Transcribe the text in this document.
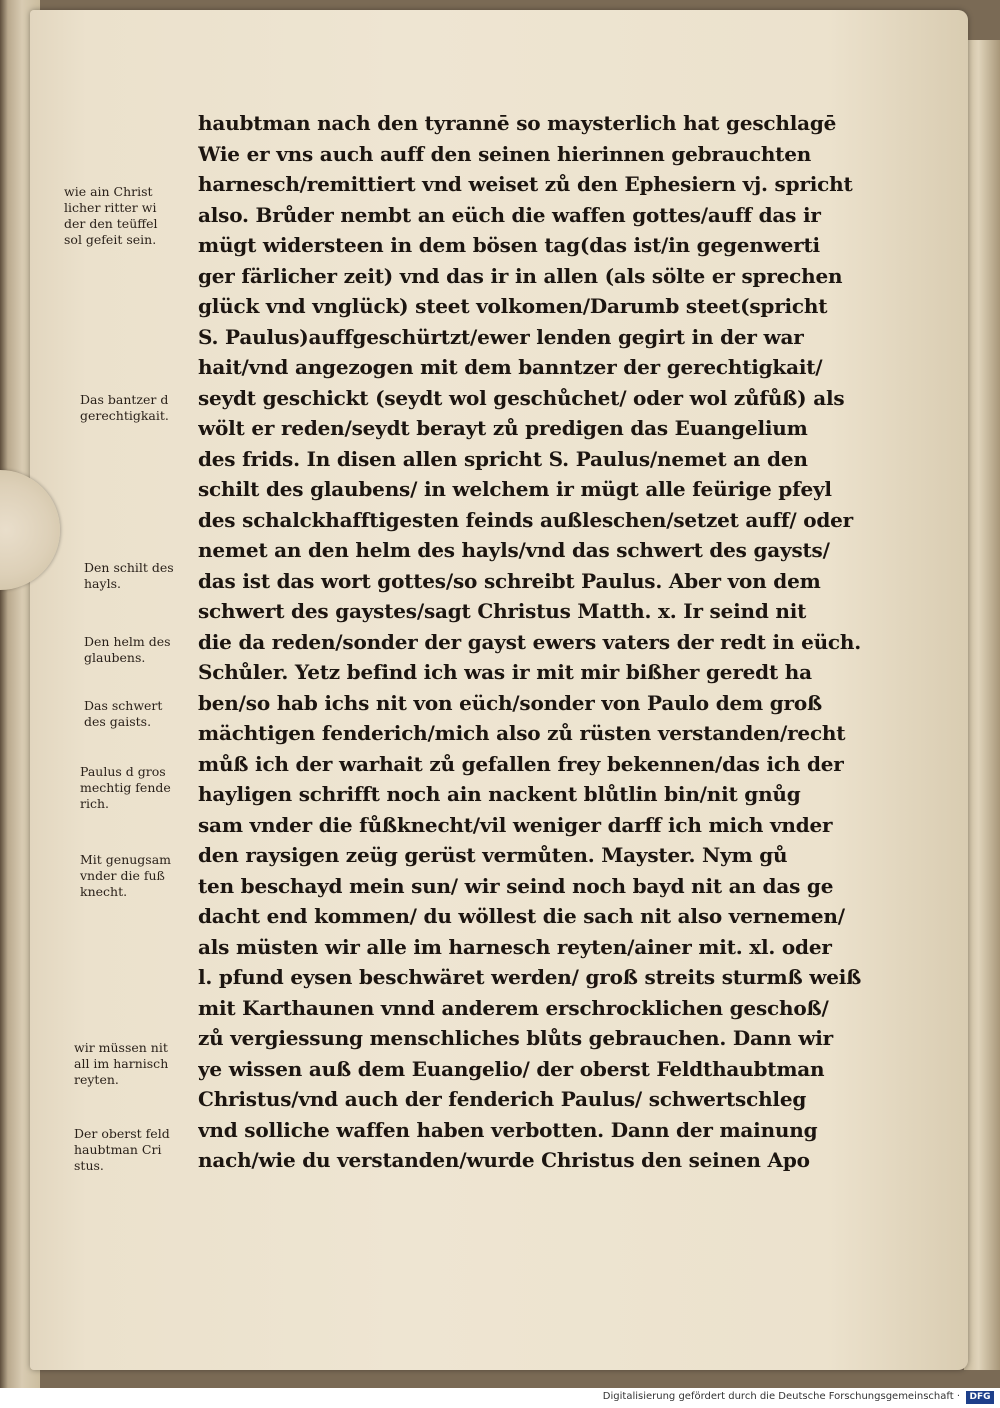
wie ain Christ
licher ritter wi
der den teüffel
sol gefeit sein.
Das bantzer d
gerechtigkait.
Den schilt des
hayls.
Den helm des
glaubens.
Das schwert
des gaists.
Paulus d gros
mechtig fende
rich.
Mit genugsam
vnder die fuß
knecht.
wir müssen nit
all im harnisch
reyten.
Der oberst feld
haubtman Cri
stus.
haubtman nach den tyrannē so maysterlich hat geschlagē
Wie er vns auch auff den seinen hierinnen gebrauchten
harnesch/remittiert vnd weiset zů den Ephesiern vj. spricht
also. Brůder nembt an eüch die waffen gottes/auff das ir
mügt widersteen in dem bösen tag(das ist/in gegenwerti
ger färlicher zeit) vnd das ir in allen (als sölte er sprechen
glück vnd vnglück) steet volkomen/Darumb steet(spricht
S. Paulus)auffgeschürtzt/ewer lenden gegirt in der war
hait/vnd angezogen mit dem banntzer der gerechtigkait/
seydt geschickt (seydt wol geschůchet/ oder wol zůfůß) als
wölt er reden/seydt berayt zů predigen das Euangelium
des frids. In disen allen spricht S. Paulus/nemet an den
schilt des glaubens/ in welchem ir mügt alle feürige pfeyl
des schalckhafftigesten feinds außleschen/setzet auff/ oder
nemet an den helm des hayls/vnd das schwert des gaysts/
das ist das wort gottes/so schreibt Paulus. Aber von dem
schwert des gaystes/sagt Christus Matth. x. Ir seind nit
die da reden/sonder der gayst ewers vaters der redt in eüch.
Schůler. Yetz befind ich was ir mit mir bißher geredt ha
ben/so hab ichs nit von eüch/sonder von Paulo dem groß
mächtigen fenderich/mich also zů rüsten verstanden/recht
můß ich der warhait zů gefallen frey bekennen/das ich der
hayligen schrifft noch ain nackent blůtlin bin/nit gnůg
sam vnder die fůßknecht/vil weniger darff ich mich vnder
den raysigen zeüg gerüst vermůten. Mayster. Nym gů
ten beschayd mein sun/ wir seind noch bayd nit an das ge
dacht end kommen/ du wöllest die sach nit also vernemen/
als müsten wir alle im harnesch reyten/ainer mit. xl. oder
l. pfund eysen beschwäret werden/ groß streits sturmß weiß
mit Karthaunen vnnd anderem erschrocklichen geschoß/
zů vergiessung menschliches blůts gebrauchen. Dann wir
ye wissen auß dem Euangelio/ der oberst Feldthaubtman
Christus/vnd auch der fenderich Paulus/ schwertschleg
vnd solliche waffen haben verbotten. Dann der mainung
nach/wie du verstanden/wurde Christus den seinen Apo
Digitalisierung gefördert durch die Deutsche Forschungsgemeinschaft ·	DFG
